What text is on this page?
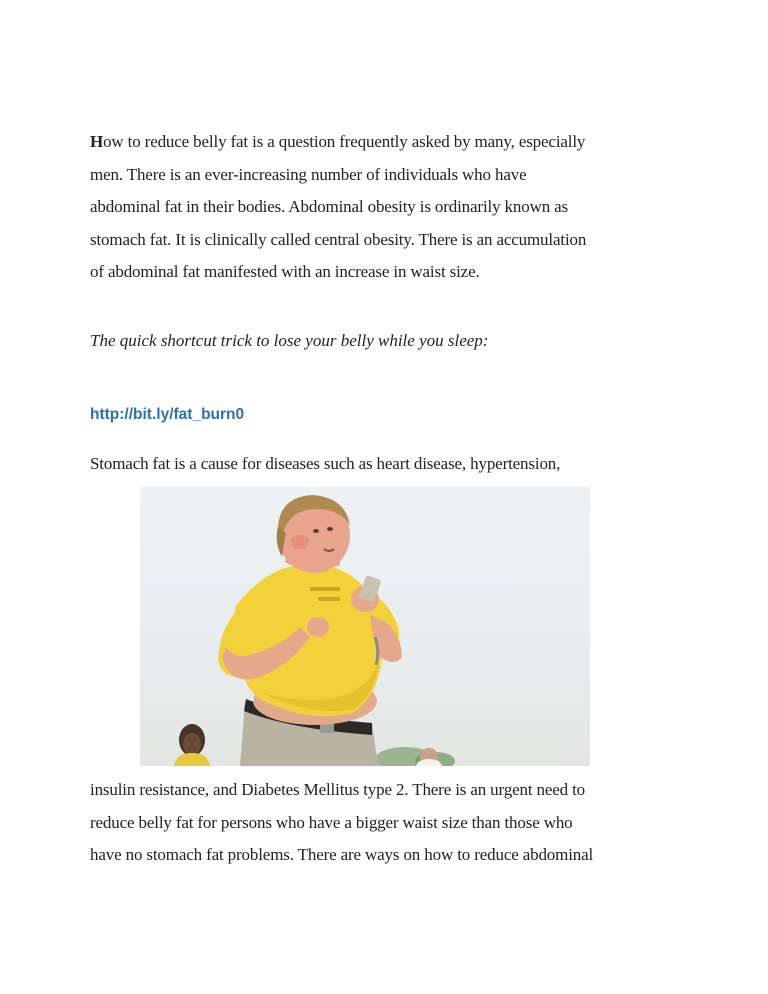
How to reduce belly fat is a question frequently asked by many, especially
men. There is an ever-increasing number of individuals who have
abdominal fat in their bodies. Abdominal obesity is ordinarily known as
stomach fat. It is clinically called central obesity. There is an accumulation
of abdominal fat manifested with an increase in waist size.
The quick shortcut trick to lose your belly while you sleep:
http://bit.ly/fat_burn0
Stomach fat is a cause for diseases such as heart disease, hypertension,
insulin resistance, and Diabetes Mellitus type 2. There is an urgent need to
reduce belly fat for persons who have a bigger waist size than those who
have no stomach fat problems. There are ways on how to reduce abdominal
